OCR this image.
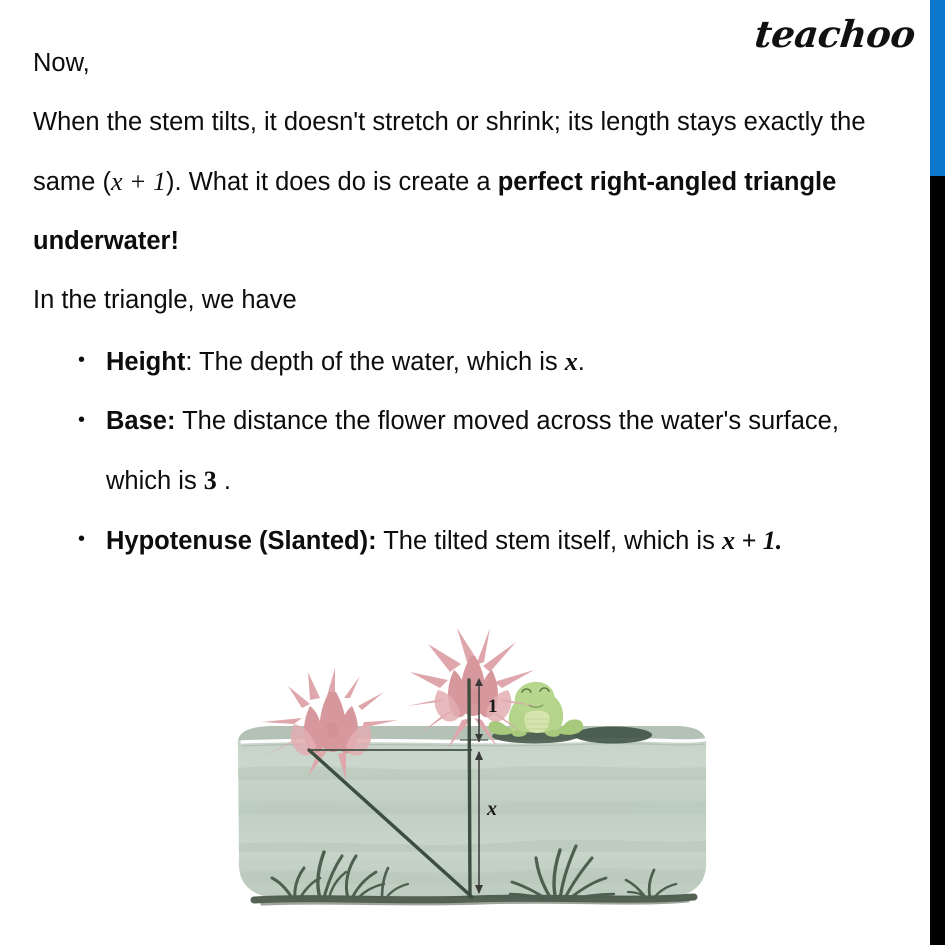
teachoo
Now,
When the stem tilts, it doesn't stretch or shrink; its length stays exactly the same (x + 1). What it does do is create a perfect right-angled triangle underwater!
In the triangle, we have
• Height: The depth of the water, which is x.
• Base: The distance the flower moved across the water's surface, which is 3 .
• Hypotenuse (Slanted): The tilted stem itself, which is x + 1.
1
x
